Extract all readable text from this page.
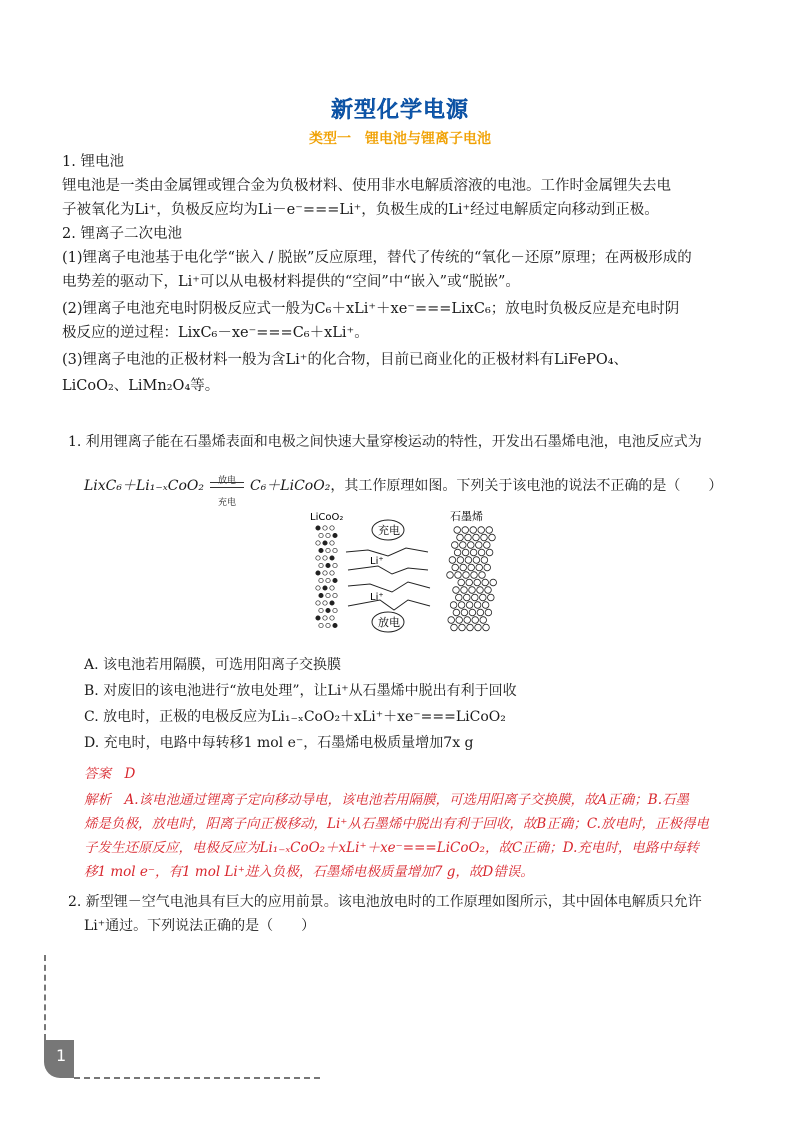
新型化学电源
类型一　锂电池与锂离子电池

1. 锂电池

锂电池是一类由金属锂或锂合金为负极材料、使用非水电解质溶液的电池。工作时金属锂失去电

子被氧化为Li⁺，负极反应均为Li－e⁻===Li⁺，负极生成的Li⁺经过电解质定向移动到正极。

2. 锂离子二次电池

(1)锂离子电池基于电化学“嵌入 / 脱嵌”反应原理，替代了传统的“氧化－还原”原理；在两极形成的

电势差的驱动下，Li⁺可以从电极材料提供的“空间”中“嵌入”或“脱嵌”。

(2)锂离子电池充电时阴极反应式一般为C₆＋xLi⁺＋xe⁻===LixC₆；放电时负极反应是充电时阴

极反应的逆过程：LixC₆－xe⁻===C₆＋xLi⁺。

(3)锂离子电池的正极材料一般为含Li⁺的化合物，目前已商业化的正极材料有LiFePO₄、

LiCoO₂、LiMn₂O₄等。

1. 利用锂离子能在石墨烯表面和电极之间快速大量穿梭运动的特性，开发出石墨烯电池，电池反应式为

LixC₆＋Li₁₋ₓCoO₂	放电
充电
C₆＋LiCoO₂，其工作原理如图。下列关于该电池的说法不正确的是（　　）

LiCoO₂	石墨烯
充电
放电
Li⁺
Li⁺

A. 该电池若用隔膜，可选用阳离子交换膜

B. 对废旧的该电池进行“放电处理”，让Li⁺从石墨烯中脱出有利于回收

C. 放电时，正极的电极反应为Li₁₋ₓCoO₂＋xLi⁺＋xe⁻===LiCoO₂

D. 充电时，电路中每转移1 mol e⁻，石墨烯电极质量增加7x g

答案　D

解析　A.该电池通过锂离子定向移动导电，该电池若用隔膜，可选用阳离子交换膜，故A正确；B.石墨

烯是负极，放电时，阳离子向正极移动，Li⁺从石墨烯中脱出有利于回收，故B正确；C.放电时，正极得电

子发生还原反应，电极反应为Li₁₋ₓCoO₂＋xLi⁺＋xe⁻===LiCoO₂，故C正确；D.充电时，电路中每转

移1 mol e⁻，有1 mol Li⁺进入负极，石墨烯电极质量增加7 g，故D错误。

2. 新型锂－空气电池具有巨大的应用前景。该电池放电时的工作原理如图所示，其中固体电解质只允许

Li⁺通过。下列说法正确的是（　　）

1
